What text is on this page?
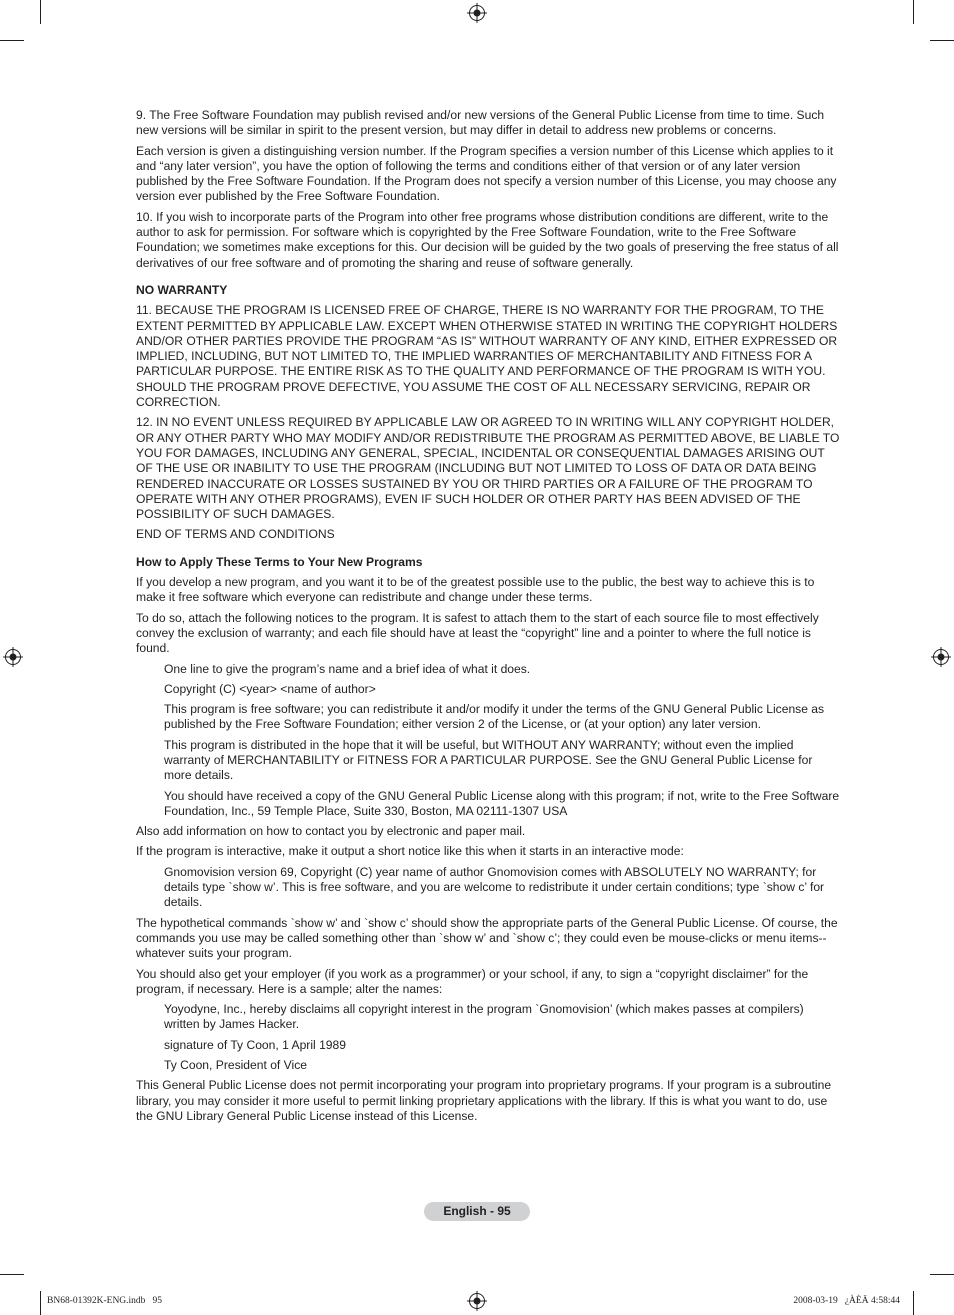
9. The Free Software Foundation may publish revised and/or new versions of the General Public License from time to time. Such new versions will be similar in spirit to the present version, but may differ in detail to address new problems or concerns.

Each version is given a distinguishing version number. If the Program specifies a version number of this License which applies to it and “any later version”, you have the option of following the terms and conditions either of that version or of any later version published by the Free Software Foundation. If the Program does not specify a version number of this License, you may choose any version ever published by the Free Software Foundation.

10. If you wish to incorporate parts of the Program into other free programs whose distribution conditions are different, write to the author to ask for permission. For software which is copyrighted by the Free Software Foundation, write to the Free Software Foundation; we sometimes make exceptions for this. Our decision will be guided by the two goals of preserving the free status of all derivatives of our free software and of promoting the sharing and reuse of software generally.

NO WARRANTY

11. BECAUSE THE PROGRAM IS LICENSED FREE OF CHARGE, THERE IS NO WARRANTY FOR THE PROGRAM, TO THE EXTENT PERMITTED BY APPLICABLE LAW. EXCEPT WHEN OTHERWISE STATED IN WRITING THE COPYRIGHT HOLDERS AND/OR OTHER PARTIES PROVIDE THE PROGRAM “AS IS” WITHOUT WARRANTY OF ANY KIND, EITHER EXPRESSED OR IMPLIED, INCLUDING, BUT NOT LIMITED TO, THE IMPLIED WARRANTIES OF MERCHANTABILITY AND FITNESS FOR A PARTICULAR PURPOSE. THE ENTIRE RISK AS TO THE QUALITY AND PERFORMANCE OF THE PROGRAM IS WITH YOU. SHOULD THE PROGRAM PROVE DEFECTIVE, YOU ASSUME THE COST OF ALL NECESSARY SERVICING, REPAIR OR CORRECTION.

12. IN NO EVENT UNLESS REQUIRED BY APPLICABLE LAW OR AGREED TO IN WRITING WILL ANY COPYRIGHT HOLDER, OR ANY OTHER PARTY WHO MAY MODIFY AND/OR REDISTRIBUTE THE PROGRAM AS PERMITTED ABOVE, BE LIABLE TO YOU FOR DAMAGES, INCLUDING ANY GENERAL, SPECIAL, INCIDENTAL OR CONSEQUENTIAL DAMAGES ARISING OUT OF THE USE OR INABILITY TO USE THE PROGRAM (INCLUDING BUT NOT LIMITED TO LOSS OF DATA OR DATA BEING RENDERED INACCURATE OR LOSSES SUSTAINED BY YOU OR THIRD PARTIES OR A FAILURE OF THE PROGRAM TO OPERATE WITH ANY OTHER PROGRAMS), EVEN IF SUCH HOLDER OR OTHER PARTY HAS BEEN ADVISED OF THE POSSIBILITY OF SUCH DAMAGES.

END OF TERMS AND CONDITIONS

How to Apply These Terms to Your New Programs

If you develop a new program, and you want it to be of the greatest possible use to the public, the best way to achieve this is to make it free software which everyone can redistribute and change under these terms.

To do so, attach the following notices to the program. It is safest to attach them to the start of each source file to most effectively convey the exclusion of warranty; and each file should have at least the “copyright” line and a pointer to where the full notice is found.

One line to give the program’s name and a brief idea of what it does.

Copyright (C) <year> <name of author>

This program is free software; you can redistribute it and/or modify it under the terms of the GNU General Public License as published by the Free Software Foundation; either version 2 of the License, or (at your option) any later version.

This program is distributed in the hope that it will be useful, but WITHOUT ANY WARRANTY; without even the implied warranty of MERCHANTABILITY or FITNESS FOR A PARTICULAR PURPOSE. See the GNU General Public License for more details.

You should have received a copy of the GNU General Public License along with this program; if not, write to the Free Software Foundation, Inc., 59 Temple Place, Suite 330, Boston, MA 02111-1307 USA

Also add information on how to contact you by electronic and paper mail.

If the program is interactive, make it output a short notice like this when it starts in an interactive mode:

Gnomovision version 69, Copyright (C) year name of author Gnomovision comes with ABSOLUTELY NO WARRANTY; for details type `show w’. This is free software, and you are welcome to redistribute it under certain conditions; type `show c’ for details.

The hypothetical commands `show w’ and `show c’ should show the appropriate parts of the General Public License. Of course, the commands you use may be called something other than `show w’ and `show c’; they could even be mouse-clicks or menu items--whatever suits your program.

You should also get your employer (if you work as a programmer) or your school, if any, to sign a “copyright disclaimer” for the program, if necessary. Here is a sample; alter the names:

Yoyodyne, Inc., hereby disclaims all copyright interest in the program `Gnomovision’ (which makes passes at compilers) written by James Hacker.

signature of Ty Coon, 1 April 1989

Ty Coon, President of Vice

This General Public License does not permit incorporating your program into proprietary programs. If your program is a subroutine library, you may consider it more useful to permit linking proprietary applications with the library. If this is what you want to do, use the GNU Library General Public License instead of this License.

English - 95
BN68-01392K-ENG.indb   95	2008-03-19   ¿ÀÈÄ 4:58:44
